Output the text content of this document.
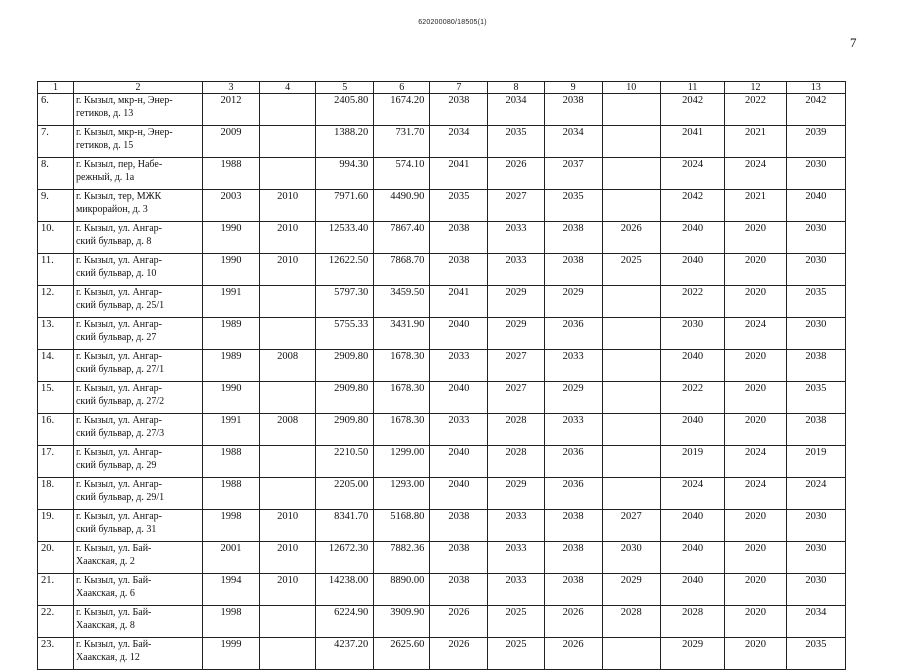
620200080/18505(1)
7
1	2	3	4	5	6	7	8	9	10	11	12	13
6.	г. Кызыл, мкр-н, Энер-
гетиков, д. 13	2012		2405.80	1674.20	2038	2034	2038		2042	2022	2042
7.	г. Кызыл, мкр-н, Энер-
гетиков, д. 15	2009		1388.20	731.70	2034	2035	2034		2041	2021	2039
8.	г. Кызыл, пер, Набе-
режный, д. 1а	1988		994.30	574.10	2041	2026	2037		2024	2024	2030
9.	г. Кызыл, тер, МЖК
микрорайон, д. 3	2003	2010	7971.60	4490.90	2035	2027	2035		2042	2021	2040
10.	г. Кызыл, ул. Ангар-
ский бульвар, д. 8	1990	2010	12533.40	7867.40	2038	2033	2038	2026	2040	2020	2030
11.	г. Кызыл, ул. Ангар-
ский бульвар, д. 10	1990	2010	12622.50	7868.70	2038	2033	2038	2025	2040	2020	2030
12.	г. Кызыл, ул. Ангар-
ский бульвар, д. 25/1	1991		5797.30	3459.50	2041	2029	2029		2022	2020	2035
13.	г. Кызыл, ул. Ангар-
ский бульвар, д. 27	1989		5755.33	3431.90	2040	2029	2036		2030	2024	2030
14.	г. Кызыл, ул. Ангар-
ский бульвар, д. 27/1	1989	2008	2909.80	1678.30	2033	2027	2033		2040	2020	2038
15.	г. Кызыл, ул. Ангар-
ский бульвар, д. 27/2	1990		2909.80	1678.30	2040	2027	2029		2022	2020	2035
16.	г. Кызыл, ул. Ангар-
ский бульвар, д. 27/3	1991	2008	2909.80	1678.30	2033	2028	2033		2040	2020	2038
17.	г. Кызыл, ул. Ангар-
ский бульвар, д. 29	1988		2210.50	1299.00	2040	2028	2036		2019	2024	2019
18.	г. Кызыл, ул. Ангар-
ский бульвар, д. 29/1	1988		2205.00	1293.00	2040	2029	2036		2024	2024	2024
19.	г. Кызыл, ул. Ангар-
ский бульвар, д. 31	1998	2010	8341.70	5168.80	2038	2033	2038	2027	2040	2020	2030
20.	г. Кызыл, ул. Бай-
Хаакская, д. 2	2001	2010	12672.30	7882.36	2038	2033	2038	2030	2040	2020	2030
21.	г. Кызыл, ул. Бай-
Хаакская, д. 6	1994	2010	14238.00	8890.00	2038	2033	2038	2029	2040	2020	2030
22.	г. Кызыл, ул. Бай-
Хаакская, д. 8	1998		6224.90	3909.90	2026	2025	2026	2028	2028	2020	2034
23.	г. Кызыл, ул. Бай-
Хаакская, д. 12	1999		4237.20	2625.60	2026	2025	2026		2029	2020	2035
